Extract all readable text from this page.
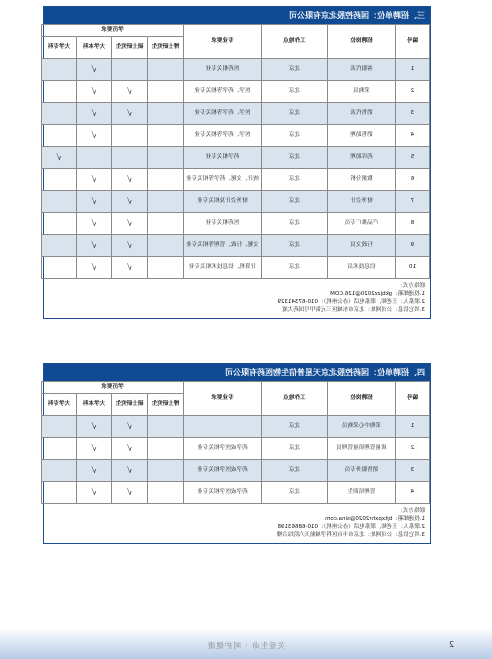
三、招聘单位：国药控股北京有限公司
编号	招聘岗位	工作地点	专业要求	学历要求			
				博士研究生	硕士研究生	大学本科	大学专科
1	客服代表	北京	医药相关专业			√	
2	采购员	北京	医学、药学等相关专业		√	√	
3	销售代表	北京	医学、药学等相关专业		√	√	
4	销售助理	北京	医学、药学等相关专业			√	
5	药库助理	北京	药学相关专业				√
6	数据分析	北京	统计、文秘、药学等相关专业		√	√	
7	财务会计	北京	财务会计及相关专业		√	√	
8	产品推广专员	北京	医药相关专业		√	√	
9	行政文员	北京	文秘、行政、管理等相关专业		√	√	
10	信息技术员	北京	计算机、信息技术相关专业		√	√	
联络方式：
1.投递邮箱：gkbjzz2020@126.COM
2.联系人：王老师，联系电话（办公座机）：010-67341329
3.其它信息：公司网址：北京市东城区三元街甲号国药大厦
四、招聘单位：国药控股北京天星普信生物医药有限公司
编号	招聘岗位	工作地点	专业要求	学历要求			
				博士研究生	硕士研究生	大学本科	大学专科
1	采购中心采购员	北京			√	√	
2	质量管理质量管理员	北京	药学或医学相关专业		√	√	
3	销售服务专员	北京	药学或医学相关专业		√	√	
4	管理培训生	北京	药学或医学相关专业		√	√	
联络方式：
1.投递邮箱：bjtxpxhr2020@sina.com
2.联系人：王老师，联系电话（办公座机）：010-68663198
3.其它信息：公司网址：北京市丰台区科学城航天六院综合楼
关爱生命 · 呵护健康	2
